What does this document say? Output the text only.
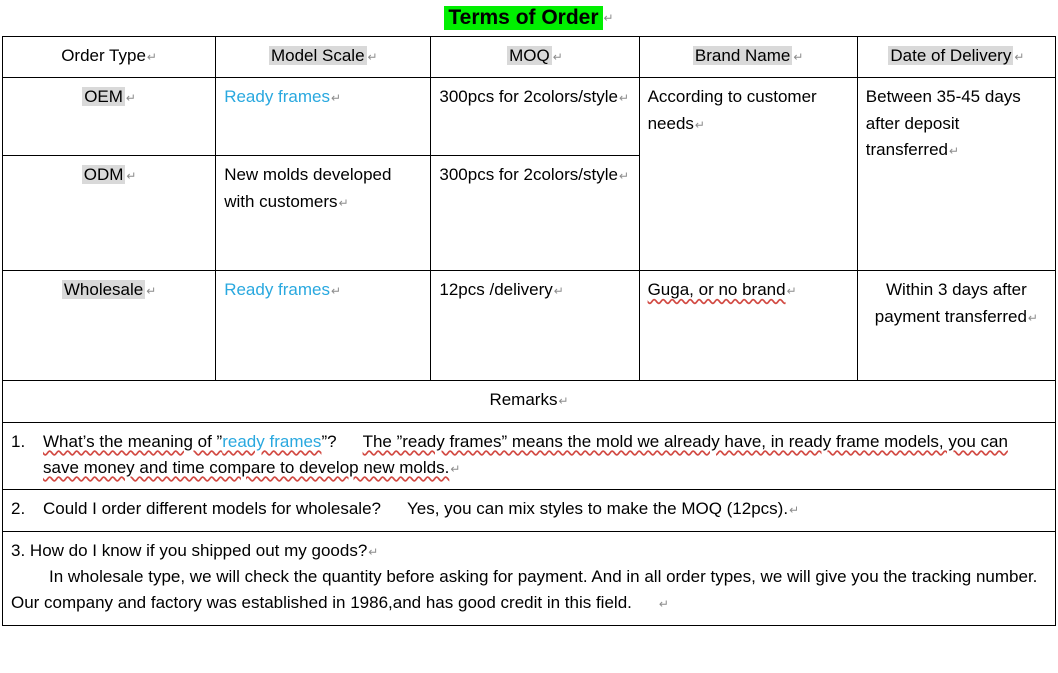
Terms of Order ↵
Order Type↵	Model Scale ↵	MOQ ↵	Brand Name ↵	Date of Delivery ↵
OEM ↵	Ready frames↵	300pcs for 2colors/style↵	According to customer needs↵	Between 35-45 days after deposit transferred↵
ODM ↵	New molds developed with customers↵	300pcs for 2colors/style↵		
Wholesale ↵	Ready frames↵	12pcs /delivery↵	Guga, or no brand↵	Within 3 days after payment transferred↵
Remarks↵				

1. What’s the meaning of ”ready frames”? The ”ready frames” means the mold we already have, in ready frame models, you can save money and time compare to develop new molds.↵				

2. Could I order different models for wholesale? Yes, you can mix styles to make the MOQ (12pcs).↵				

3. How do I know if you shipped out my goods?↵
In wholesale type, we will check the quantity before asking for payment. And in all order types, we will give you the tracking number. Our company and factory was established in 1986,and has good credit in this field. ↵				
